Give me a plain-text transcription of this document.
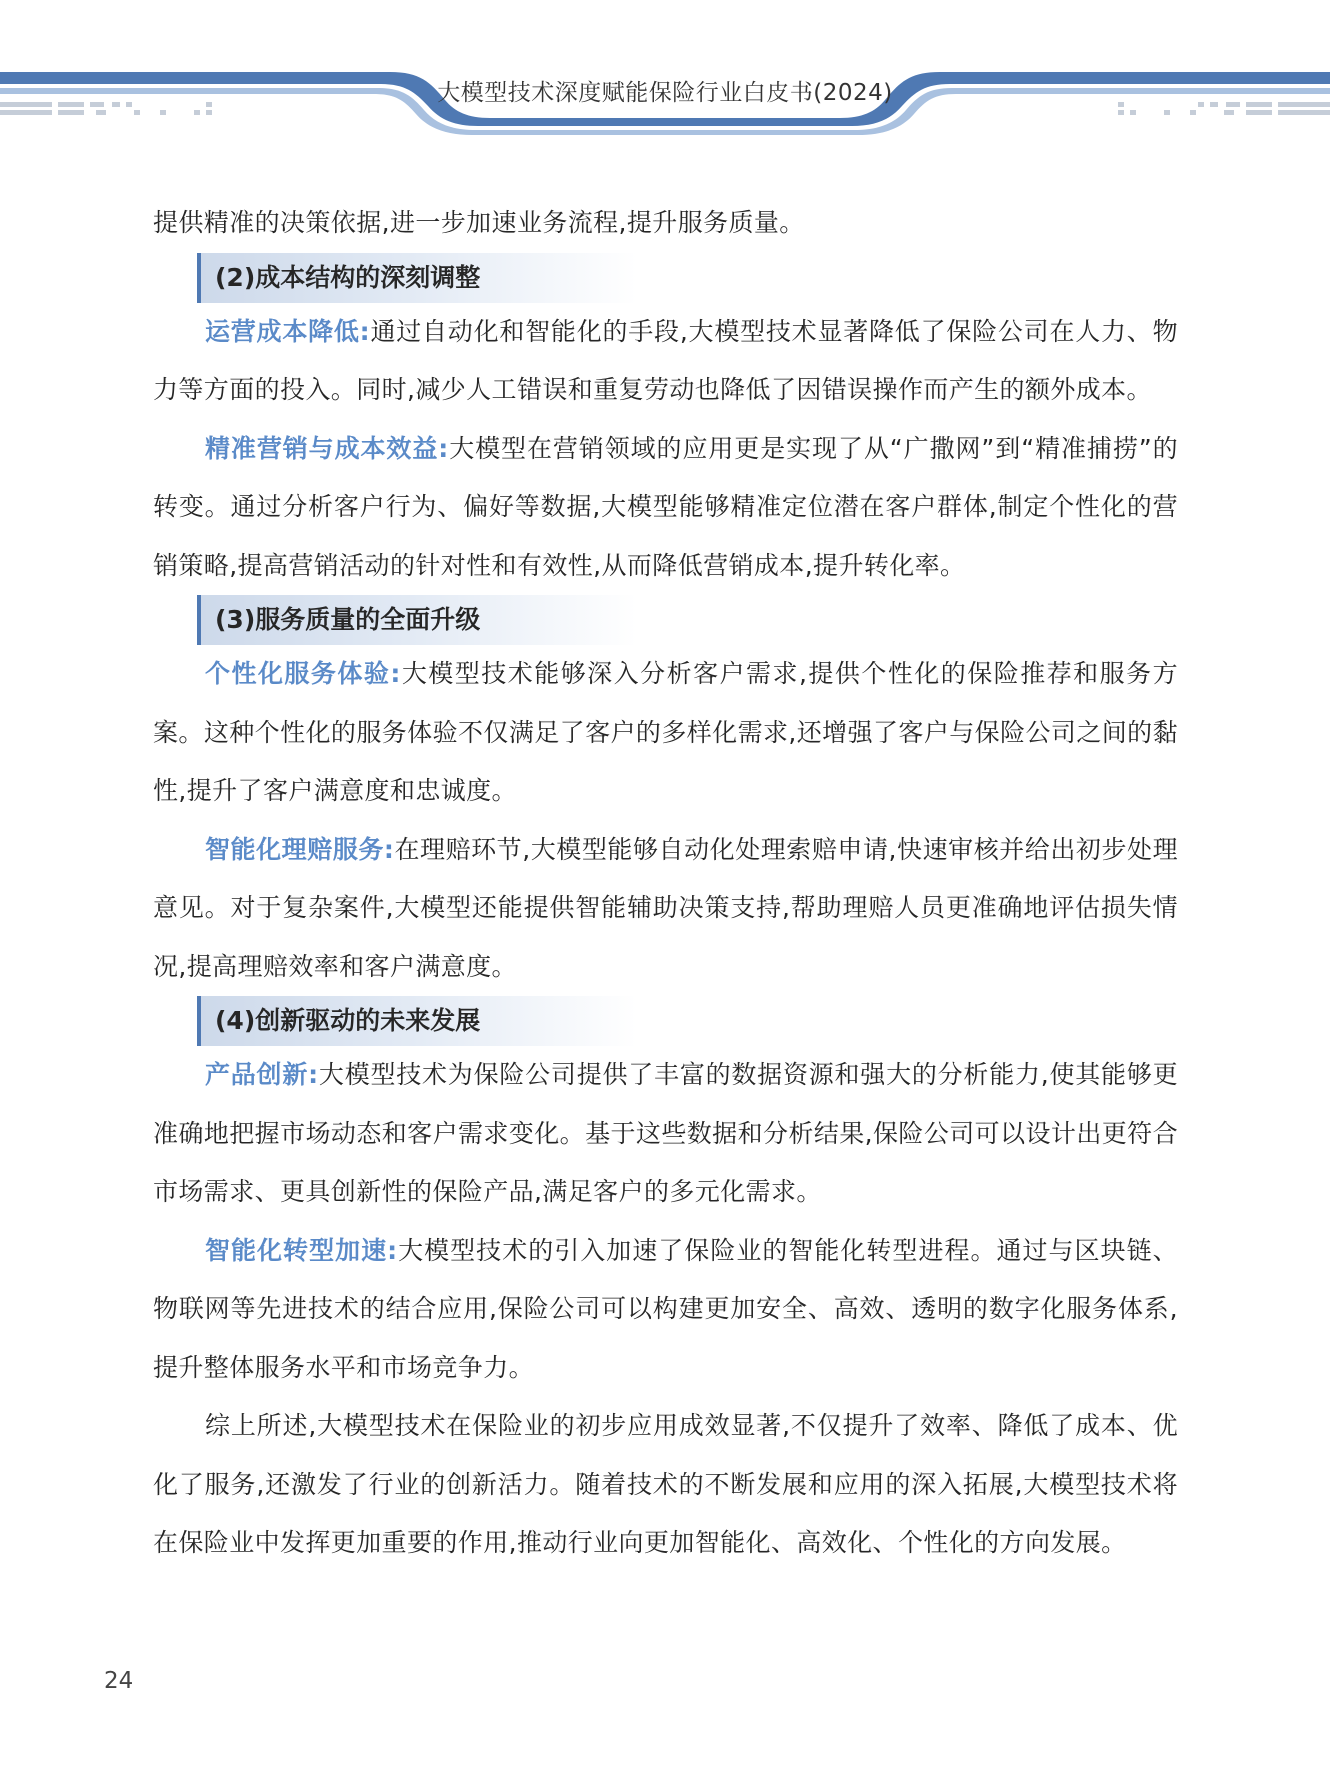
大模型技术深度赋能保险行业白皮书(2024)

提供精准的决策依据,进一步加速业务流程,提升服务质量。

(2)成本结构的深刻调整

运营成本降低:通过自动化和智能化的手段,大模型技术显著降低了保险公司在人力、物力等方面的投入。同时,减少人工错误和重复劳动也降低了因错误操作而产生的额外成本。

精准营销与成本效益:大模型在营销领域的应用更是实现了从“广撒网”到“精准捕捞”的转变。通过分析客户行为、偏好等数据,大模型能够精准定位潜在客户群体,制定个性化的营销策略,提高营销活动的针对性和有效性,从而降低营销成本,提升转化率。

(3)服务质量的全面升级

个性化服务体验:大模型技术能够深入分析客户需求,提供个性化的保险推荐和服务方案。这种个性化的服务体验不仅满足了客户的多样化需求,还增强了客户与保险公司之间的黏性,提升了客户满意度和忠诚度。

智能化理赔服务:在理赔环节,大模型能够自动化处理索赔申请,快速审核并给出初步处理意见。对于复杂案件,大模型还能提供智能辅助决策支持,帮助理赔人员更准确地评估损失情况,提高理赔效率和客户满意度。

(4)创新驱动的未来发展

产品创新:大模型技术为保险公司提供了丰富的数据资源和强大的分析能力,使其能够更准确地把握市场动态和客户需求变化。基于这些数据和分析结果,保险公司可以设计出更符合市场需求、更具创新性的保险产品,满足客户的多元化需求。

智能化转型加速:大模型技术的引入加速了保险业的智能化转型进程。通过与区块链、物联网等先进技术的结合应用,保险公司可以构建更加安全、高效、透明的数字化服务体系,提升整体服务水平和市场竞争力。

综上所述,大模型技术在保险业的初步应用成效显著,不仅提升了效率、降低了成本、优化了服务,还激发了行业的创新活力。随着技术的不断发展和应用的深入拓展,大模型技术将在保险业中发挥更加重要的作用,推动行业向更加智能化、高效化、个性化的方向发展。

24
